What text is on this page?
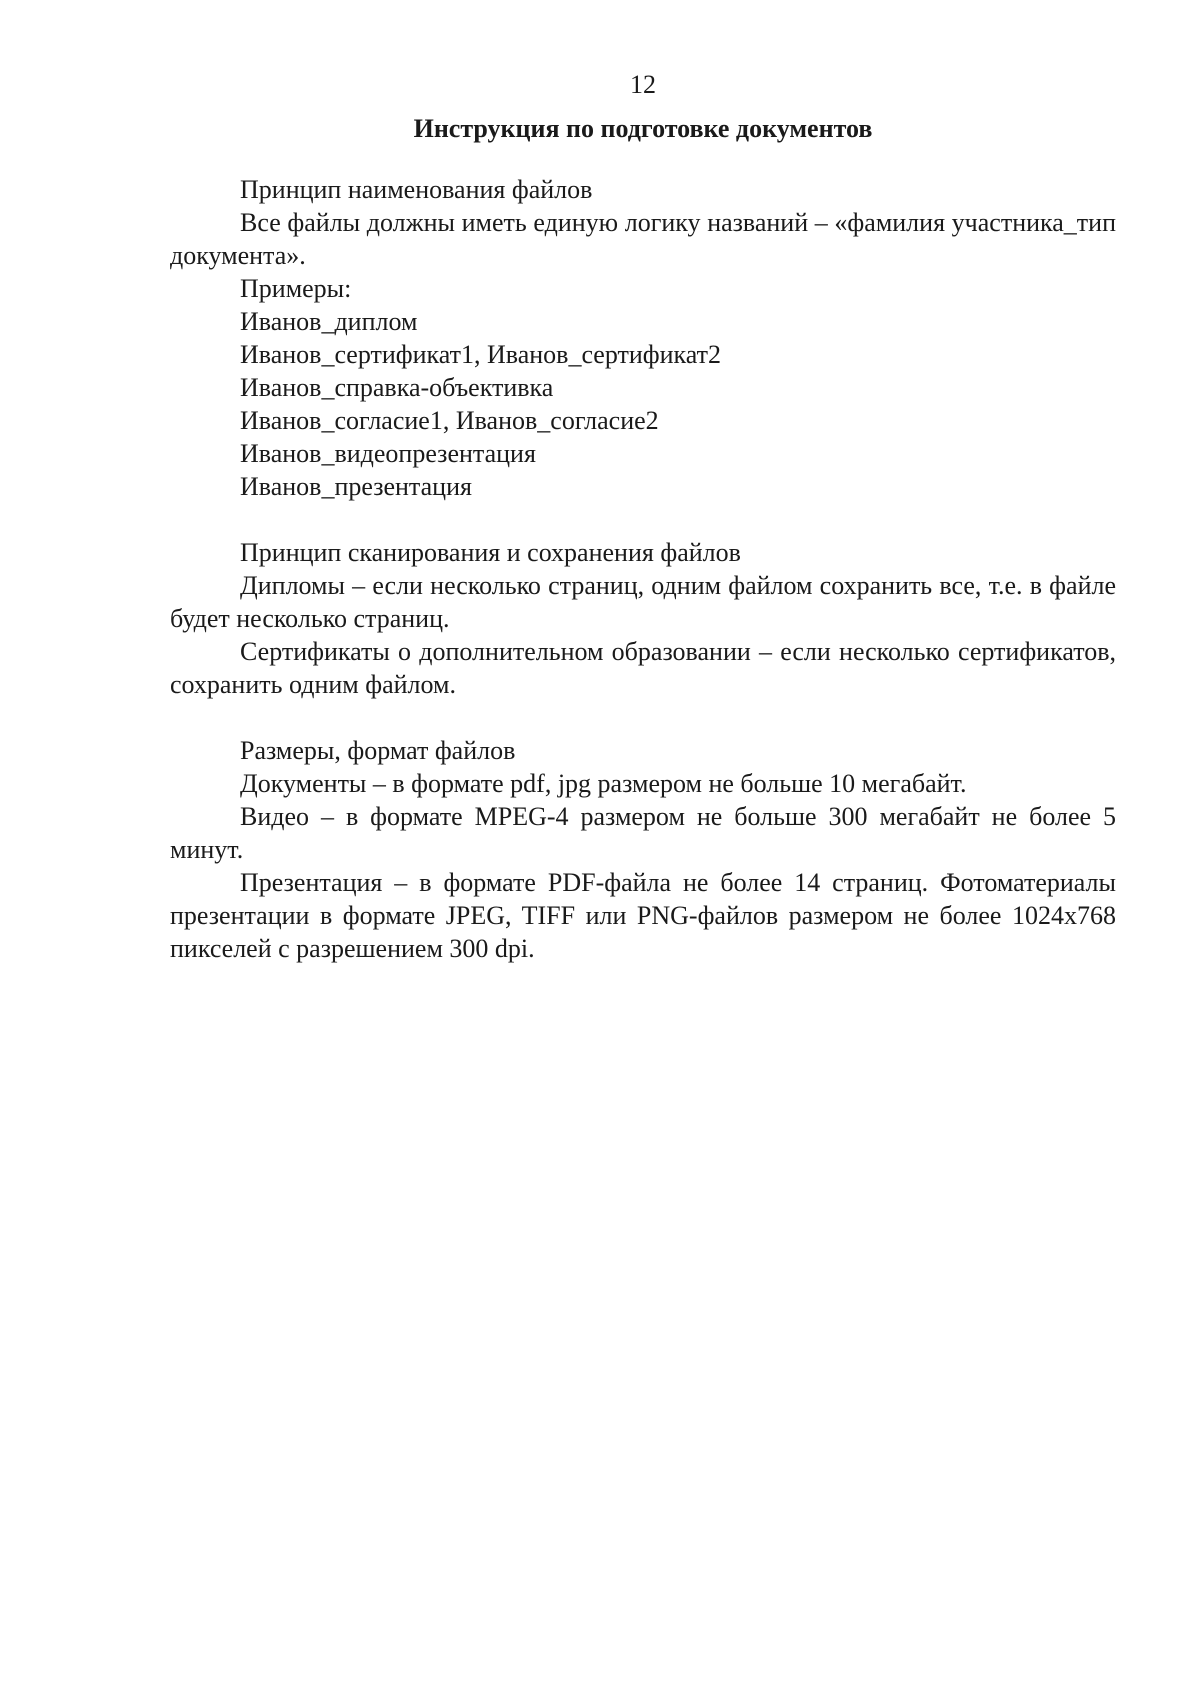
12

Инструкция по подготовке документов

Принцип наименования файлов

Все файлы должны иметь единую логику названий – «фамилия участника_тип документа».

Примеры:

Иванов_диплом

Иванов_сертификат1, Иванов_сертификат2

Иванов_справка-объективка

Иванов_согласие1, Иванов_согласие2

Иванов_видеопрезентация

Иванов_презентация

Принцип сканирования и сохранения файлов

Дипломы – если несколько страниц, одним файлом сохранить все, т.е. в файле будет несколько страниц.

Сертификаты о дополнительном образовании – если несколько сертификатов, сохранить одним файлом.

Размеры, формат файлов

Документы – в формате pdf, jpg размером не больше 10 мегабайт.

Видео – в формате MPEG-4 размером не больше 300 мегабайт не более 5 минут.

Презентация – в формате PDF-файла не более 14 страниц. Фотоматериалы презентации в формате JPEG, TIFF или PNG-файлов размером не более 1024х768 пикселей с разрешением 300 dpi.
